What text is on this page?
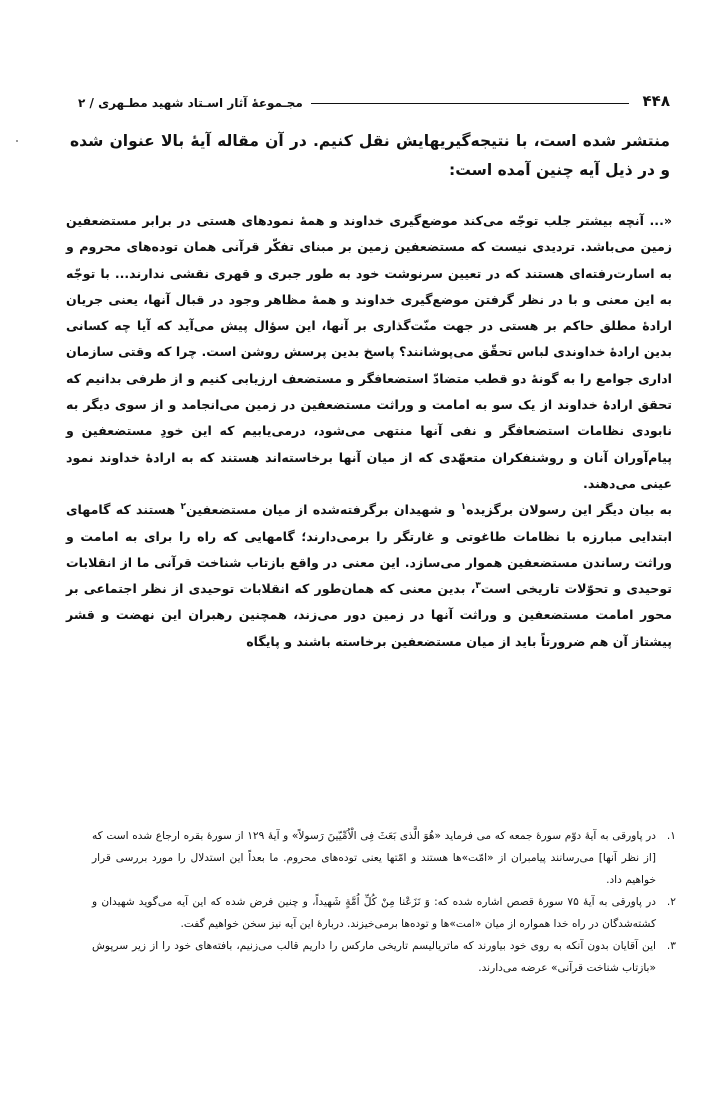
۴۴۸
مجـموعهٔ آثار اسـتاد شهید مطـهری / ۲
منتشر شده است، با نتیجه‌گیریهایش نقل کنیم. در آن مقاله آیهٔ بالا عنوان شده و در ذیل آیه چنین آمده است:

«... آنچه بیشتر جلب توجّه می‌کند موضع‌گیری خداوند و همهٔ نمودهای هستی در برابر مستضعفین زمین می‌باشد. تردیدی نیست که مستضعفین زمین بر مبنای تفکّر قرآنی همان توده‌های محروم و به اسارت‌رفته‌ای هستند که در تعیین سرنوشت خود به طور جبری و قهری نقشی ندارند... با توجّه به این معنی و با در نظر گرفتن موضع‌گیری خداوند و همهٔ مظاهر وجود در قبال آنها، یعنی جریان ارادهٔ مطلق حاکم بر هستی در جهت منّت‌گذاری بر آنها، این سؤال پیش می‌آید که آیا چه کسانی بدین ارادهٔ خداوندی لباس تحقّق می‌پوشانند؟ پاسخ بدین پرسش روشن است. چرا که وقتی سازمان اداری جوامع را به گونهٔ دو قطب متضادّ استضعافگر و مستضعف ارزیابی کنیم و از طرفی بدانیم که تحقق ارادهٔ خداوند از یک سو به امامت و وراثت مستضعفین در زمین می‌انجامد و از سوی دیگر به نابودی نظامات استضعافگر و نفی آنها منتهی می‌شود، درمی‌یابیم که این خودِ مستضعفین و پیام‌آوران آنان و روشنفکران متعهّدی که از میان آنها برخاسته‌اند هستند که به ارادهٔ خداوند نمود عینی می‌دهند.

به بیان دیگر این رسولان برگزیده$^۱$ و شهیدان برگرفته‌شده از میان مستضعفین$^۲$ هستند که گامهای ابتدایی مبارزه با نظامات طاغوتی و غارتگر را برمی‌دارند؛ گامهایی که راه را برای به امامت و وراثت رساندن مستضعفین هموار می‌سازد. این معنی در واقع بازتاب شناخت قرآنی ما از انقلابات توحیدی و تحوّلات تاریخی است$^۳$، بدین معنی که همان‌طور که انقلابات توحیدی از نظر اجتماعی بر محور امامت مستضعفین و وراثت آنها در زمین دور می‌زند، همچنین رهبران این نهضت و قشر پیشتاز آن هم ضرورتاً باید از میان مستضعفین برخاسته باشند و پایگاه

۱.
در پاورقی به آیهٔ دوّم سورهٔ جمعه که می فرماید «هُوَ الَّذی بَعَثَ فِی الْاُمِّیّینَ رَسولاً» و آیهٔ ۱۲۹ از سورهٔ بقره ارجاع شده است که [از نظر آنها] می‌رسانند پیامبران از «امّت»ها هستند و امّتها یعنی توده‌های محروم. ما بعداً این استدلال را مورد بررسی قرار خواهیم داد.
۲.
در پاورقی به آیهٔ ۷۵ سورهٔ قصص اشاره شده که: وَ نَزَعْنا مِنْ کُلِّ اُمَّةٍ شَهیداً، و چنین فرض شده که این آیه می‌گوید شهیدان و کشته‌شدگان در راه خدا همواره از میان «امت»ها و توده‌ها برمی‌خیزند. دربارهٔ این آیه نیز سخن خواهیم گفت.
۳.
این آقایان بدون آنکه به روی خود بیاورند که ماتریالیسم تاریخی مارکس را داریم قالب می‌زنیم، بافته‌های خود را از زیر سرپوش «بازتاب شناخت قرآنی» عرضه می‌دارند.
